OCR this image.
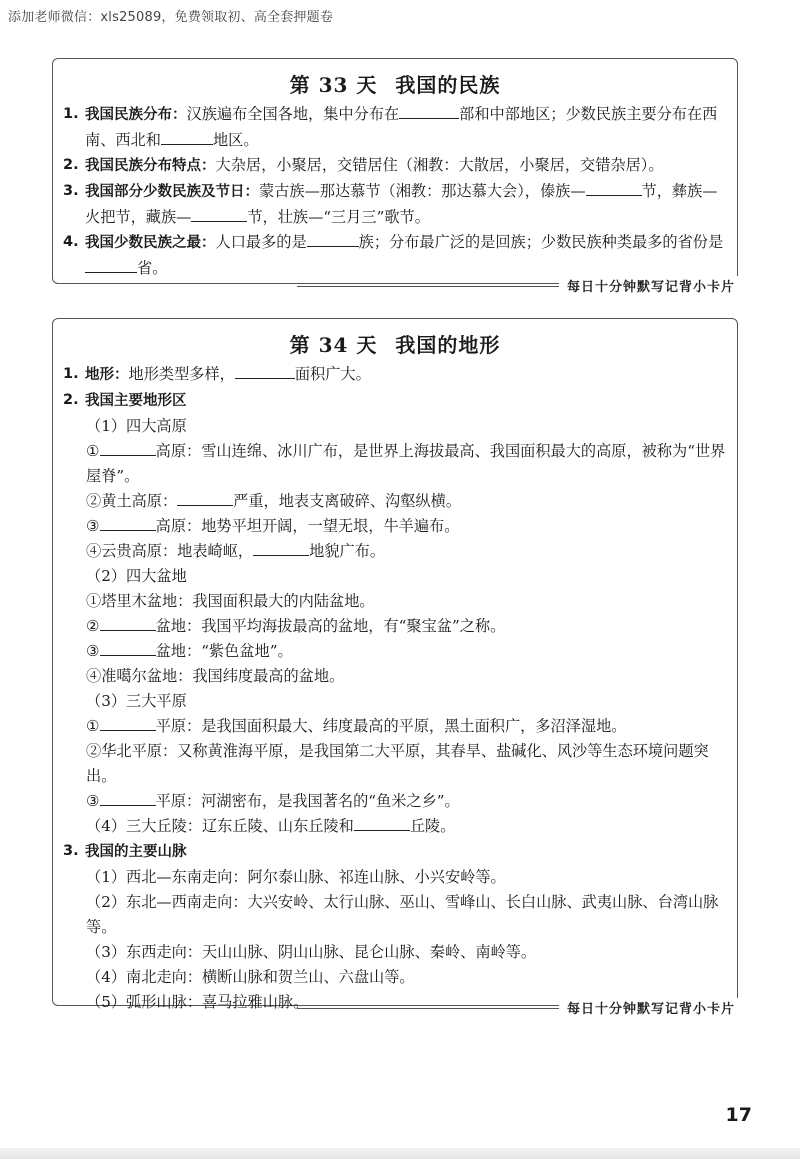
添加老师微信：xls25089，免费领取初、高全套押题卷
第 33 天 我国的民族
1. 我国民族分布：汉族遍布全国各地，集中分布在	部和中部地区；少数民族主要分布在西南、西北和	地区。
2. 我国民族分布特点：大杂居，小聚居，交错居住（湘教：大散居，小聚居，交错杂居）。
3. 我国部分少数民族及节日：蒙古族—那达慕节（湘教：那达慕大会），傣族—	节，彝族—火把节，藏族—	节，壮族—“三月三”歌节。
4. 我国少数民族之最：人口最多的是	族；分布最广泛的是回族；少数民族种类最多的省份是省。
每日十分钟默写记背小卡片
第 34 天 我国的地形
1. 地形：地形类型多样，	面积广大。
2. 我国主要地形区
（1）四大高原
①	高原：雪山连绵、冰川广布，是世界上海拔最高、我国面积最大的高原，被称为“世界屋脊”。
②黄土高原：	严重，地表支离破碎、沟壑纵横。
③	高原：地势平坦开阔，一望无垠，牛羊遍布。
④云贵高原：地表崎岖，	地貌广布。
（2）四大盆地
①塔里木盆地：我国面积最大的内陆盆地。
②	盆地：我国平均海拔最高的盆地，有“聚宝盆”之称。
③	盆地：“紫色盆地”。
④准噶尔盆地：我国纬度最高的盆地。
（3）三大平原
①	平原：是我国面积最大、纬度最高的平原，黑土面积广，多沼泽湿地。
②华北平原：又称黄淮海平原，是我国第二大平原，其春旱、盐碱化、风沙等生态环境问题突出。
③	平原：河湖密布，是我国著名的“鱼米之乡”。
（4）三大丘陵：辽东丘陵、山东丘陵和	丘陵。
3. 我国的主要山脉
（1）西北—东南走向：阿尔泰山脉、祁连山脉、小兴安岭等。
（2）东北—西南走向：大兴安岭、太行山脉、巫山、雪峰山、长白山脉、武夷山脉、台湾山脉等。
（3）东西走向：天山山脉、阴山山脉、昆仑山脉、秦岭、南岭等。
（4）南北走向：横断山脉和贺兰山、六盘山等。
（5）弧形山脉：喜马拉雅山脉。	每日十分钟默写记背小卡片
17
